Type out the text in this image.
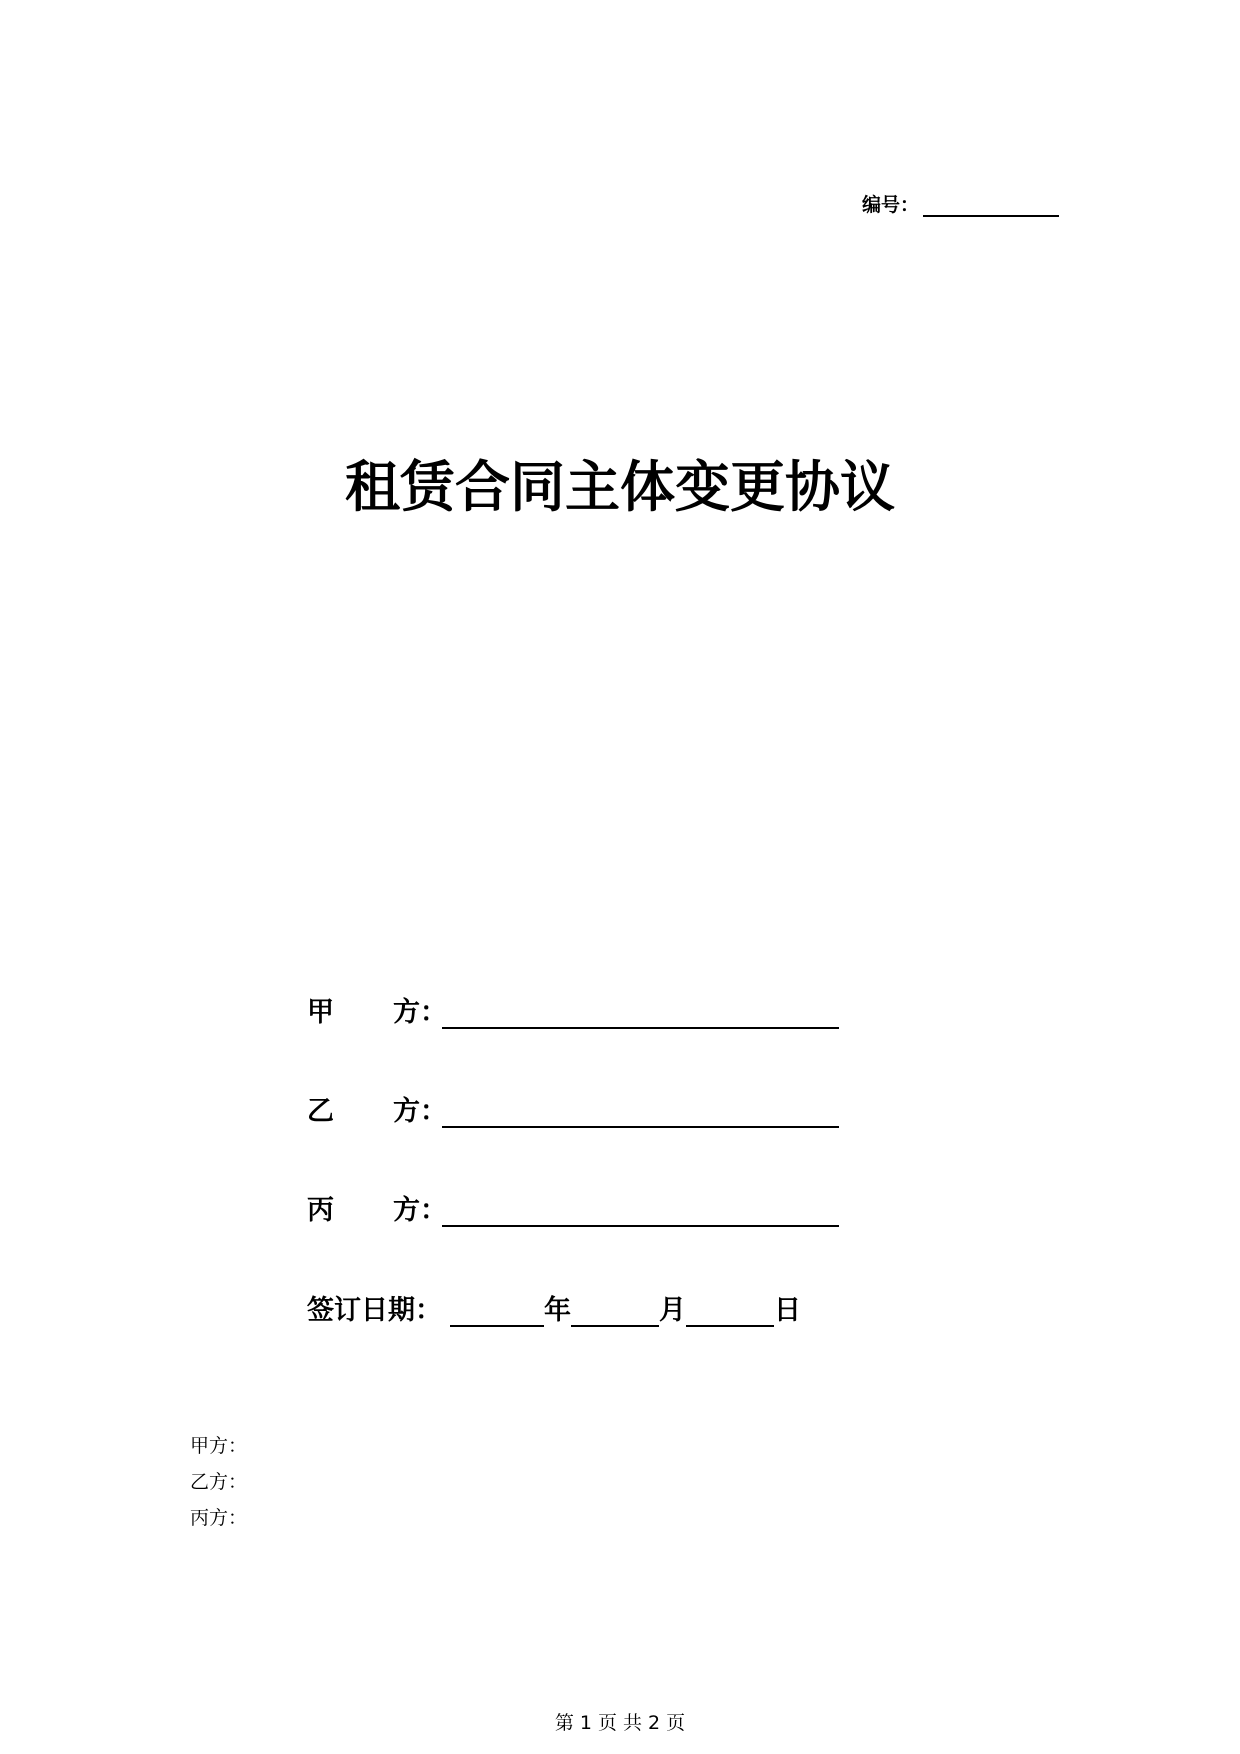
编号：
租赁合同主体变更协议
甲　方 ：
乙　方 ：
丙　方 ：
签订日期：	年	月	日
甲方：
乙方：
丙方：
第 1 页 共 2 页
